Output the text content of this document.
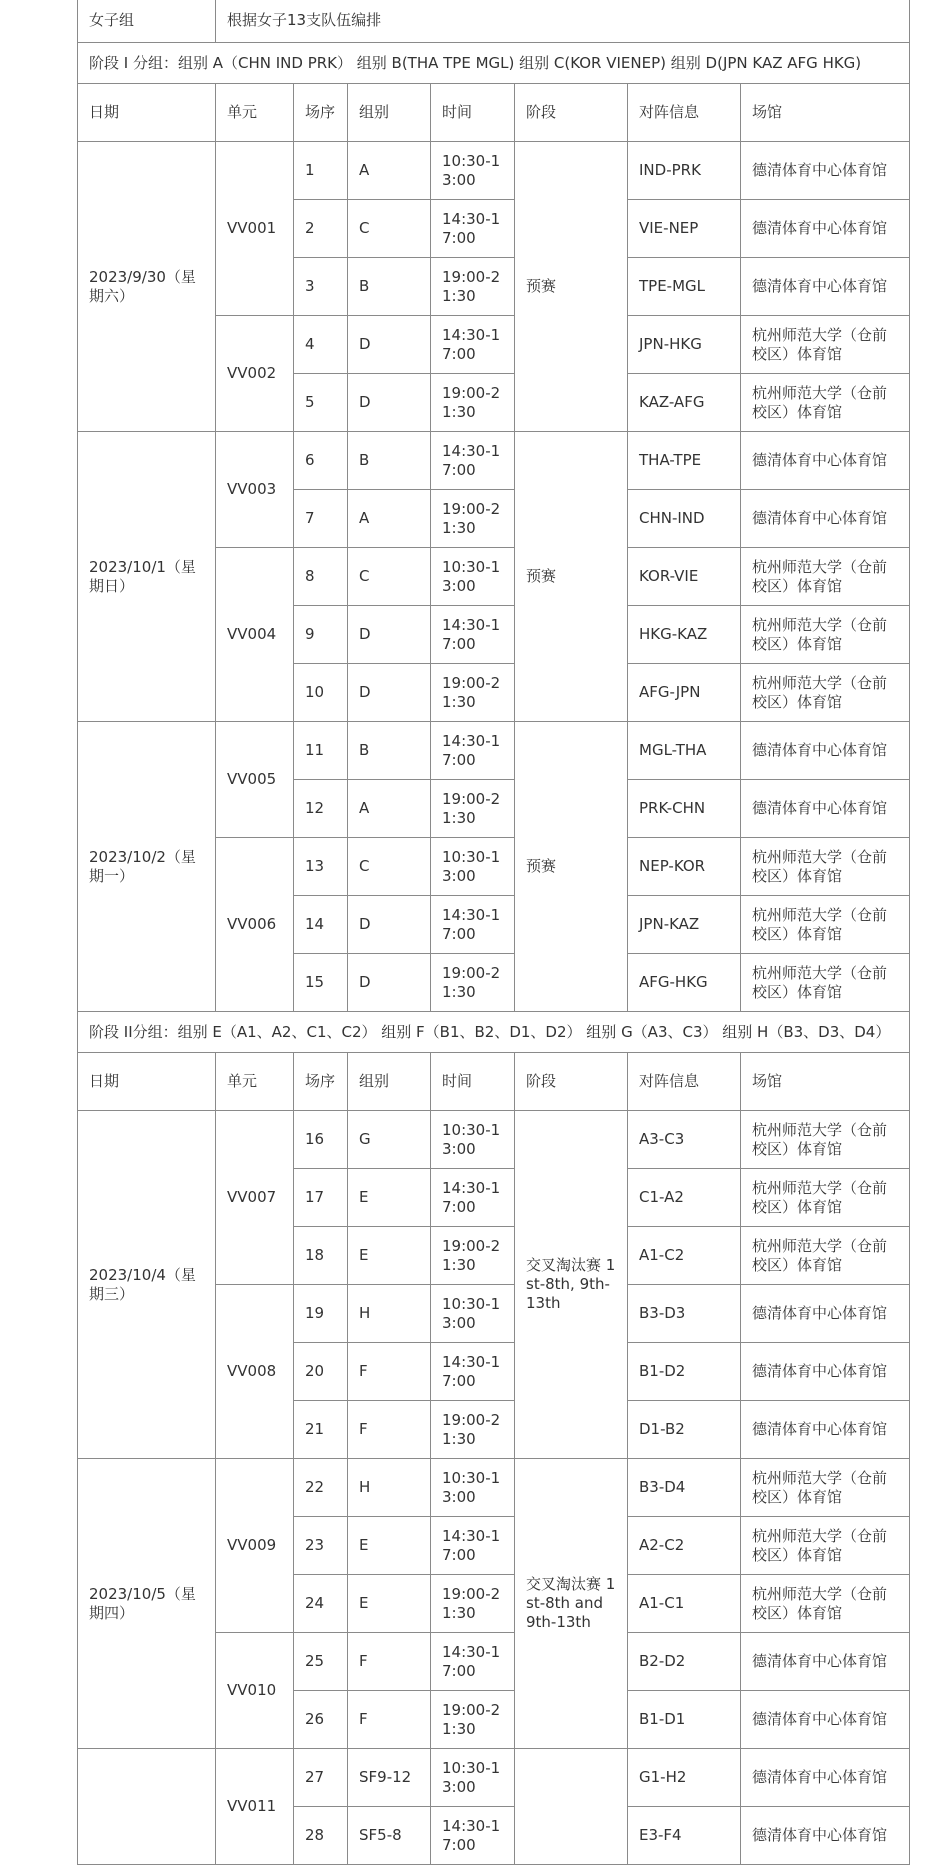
女子组	根据女子13支队伍编排						
阶段 I 分组：组别 A（CHN IND PRK） 组别 B(THA TPE MGL) 组别 C(KOR VIENEP) 组别 D(JPN KAZ AFG HKG)							
日期	单元	场序	组别	时间	阶段	对阵信息	场馆
2023/9/30（星期六）	VV001	1	A	10:30-13:00	预赛	IND-PRK	德清体育中心体育馆
		2	C	14:30-17:00		VIE-NEP	德清体育中心体育馆
		3	B	19:00-21:30		TPE-MGL	德清体育中心体育馆
	VV002	4	D	14:30-17:00		JPN-HKG	杭州师范大学（仓前校区）体育馆
		5	D	19:00-21:30		KAZ-AFG	杭州师范大学（仓前校区）体育馆
2023/10/1（星期日）	VV003	6	B	14:30-17:00	预赛	THA-TPE	德清体育中心体育馆
		7	A	19:00-21:30		CHN-IND	德清体育中心体育馆
	VV004	8	C	10:30-13:00		KOR-VIE	杭州师范大学（仓前校区）体育馆
		9	D	14:30-17:00		HKG-KAZ	杭州师范大学（仓前校区）体育馆
		10	D	19:00-21:30		AFG-JPN	杭州师范大学（仓前校区）体育馆
2023/10/2（星期一）	VV005	11	B	14:30-17:00	预赛	MGL-THA	德清体育中心体育馆
		12	A	19:00-21:30		PRK-CHN	德清体育中心体育馆
	VV006	13	C	10:30-13:00		NEP-KOR	杭州师范大学（仓前校区）体育馆
		14	D	14:30-17:00		JPN-KAZ	杭州师范大学（仓前校区）体育馆
		15	D	19:00-21:30		AFG-HKG	杭州师范大学（仓前校区）体育馆
阶段 II分组：组别 E（A1、A2、C1、C2） 组别 F（B1、B2、D1、D2） 组别 G（A3、C3） 组别 H（B3、D3、D4）							
日期	单元	场序	组别	时间	阶段	对阵信息	场馆
2023/10/4（星期三）	VV007	16	G	10:30-13:00	交叉淘汰赛 1st-8th, 9th-13th	A3-C3	杭州师范大学（仓前校区）体育馆
		17	E	14:30-17:00		C1-A2	杭州师范大学（仓前校区）体育馆
		18	E	19:00-21:30		A1-C2	杭州师范大学（仓前校区）体育馆
	VV008	19	H	10:30-13:00		B3-D3	德清体育中心体育馆
		20	F	14:30-17:00		B1-D2	德清体育中心体育馆
		21	F	19:00-21:30		D1-B2	德清体育中心体育馆
2023/10/5（星期四）	VV009	22	H	10:30-13:00	交叉淘汰赛 1st-8th and 9th-13th	B3-D4	杭州师范大学（仓前校区）体育馆
		23	E	14:30-17:00		A2-C2	杭州师范大学（仓前校区）体育馆
		24	E	19:00-21:30		A1-C1	杭州师范大学（仓前校区）体育馆
	VV010	25	F	14:30-17:00		B2-D2	德清体育中心体育馆
		26	F	19:00-21:30		B1-D1	德清体育中心体育馆
	VV011	27	SF9-12	10:30-13:00		G1-H2	德清体育中心体育馆
		28	SF5-8	14:30-17:00		E3-F4	德清体育中心体育馆
